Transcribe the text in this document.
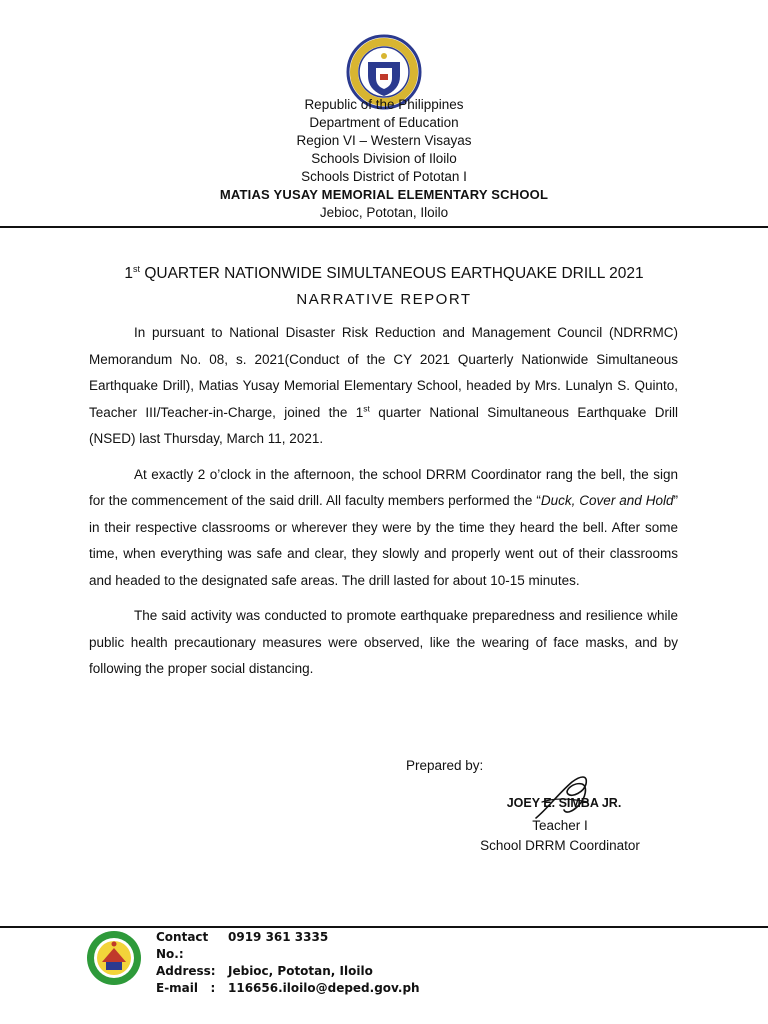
Republic of the Philippines
Department of Education
Region VI – Western Visayas
Schools Division of Iloilo
Schools District of Pototan I
MATIAS YUSAY MEMORIAL ELEMENTARY SCHOOL
Jebioc, Pototan, Iloilo
1st QUARTER NATIONWIDE SIMULTANEOUS EARTHQUAKE DRILL 2021
NARRATIVE REPORT

In pursuant to National Disaster Risk Reduction and Management Council (NDRRMC) Memorandum No. 08, s. 2021(Conduct of the CY 2021 Quarterly Nationwide Simultaneous Earthquake Drill), Matias Yusay Memorial Elementary School, headed by Mrs. Lunalyn S. Quinto, Teacher III/Teacher-in-Charge, joined the 1st quarter National Simultaneous Earthquake Drill (NSED) last Thursday, March 11, 2021.

At exactly 2 o’clock in the afternoon, the school DRRM Coordinator rang the bell, the sign for the commencement of the said drill. All faculty members performed the “Duck, Cover and Hold” in their respective classrooms or wherever they were by the time they heard the bell. After some time, when everything was safe and clear, they slowly and properly went out of their classrooms and headed to the designated safe areas. The drill lasted for about 10-15 minutes.

The said activity was conducted to promote earthquake preparedness and resilience while public health precautionary measures were observed, like the wearing of face masks, and by following the proper social distancing.

Prepared by:
JOEY E. SIMBA JR.
Teacher I
School DRRM Coordinator
Contact No.:
0919 361 3335
Address:	Jebioc, Pototan, Iloilo
E-mail   :	116656.iloilo@deped.gov.ph
